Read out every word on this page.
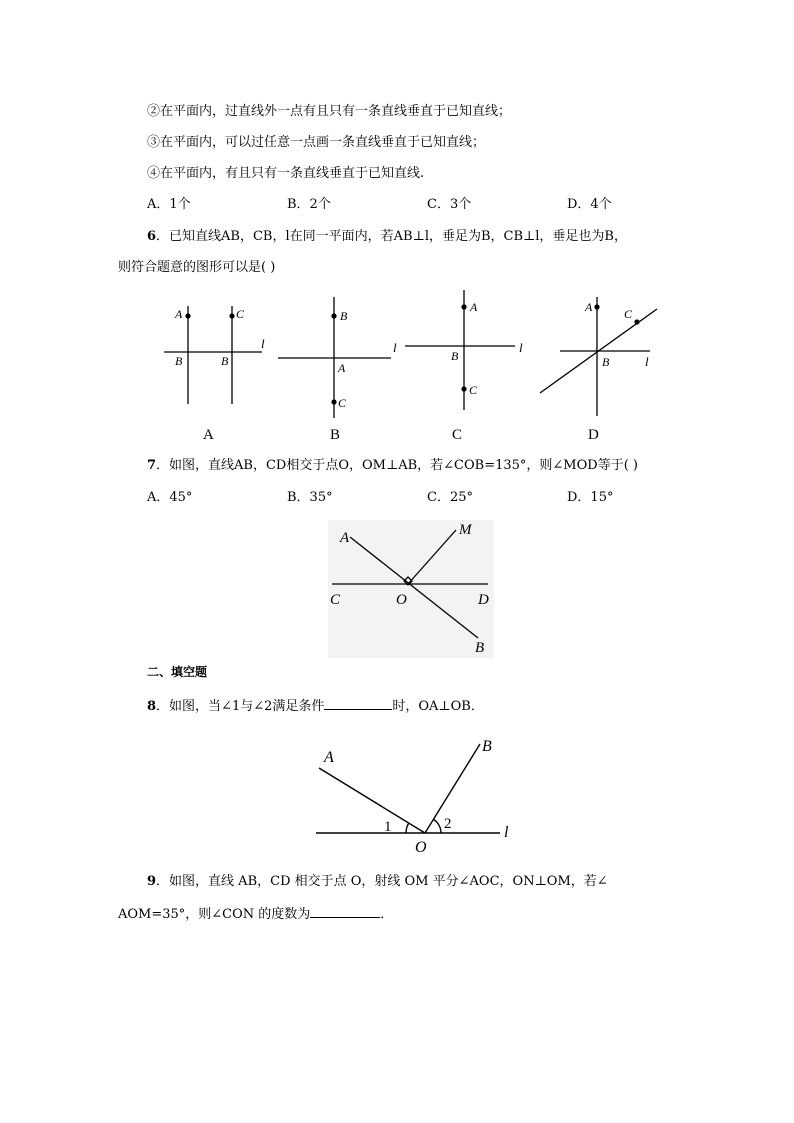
②在平面内，过直线外一点有且只有一条直线垂直于已知直线；
③在平面内，可以过任意一点画一条直线垂直于已知直线；
④在平面内，有且只有一条直线垂直于已知直线.
A．1个	B．2个	C．3个	D．4个
6．已知直线AB，CB，l在同一平面内，若AB⊥l，垂足为B，CB⊥l，垂足也为B，
则符合题意的图形可以是( )
A	C
B	B
l
B
A
C
l
A
B
C
l
A	C
B	l
A	B	C	D
7．如图，直线AB，CD相交于点O，OM⊥AB，若∠COB=135°，则∠MOD等于( )
A．45°	B．35°	C．25°	D．15°
A	M
C	O	D
B
二、填空题
8．如图，当∠1与∠2满足条件	时，OA⊥OB．
A
B
1	2
O
l
9．如图，直线 AB，CD 相交于点 O，射线 OM 平分∠AOC，ON⊥OM，若∠
AOM=35°，则∠CON 的度数为	．
